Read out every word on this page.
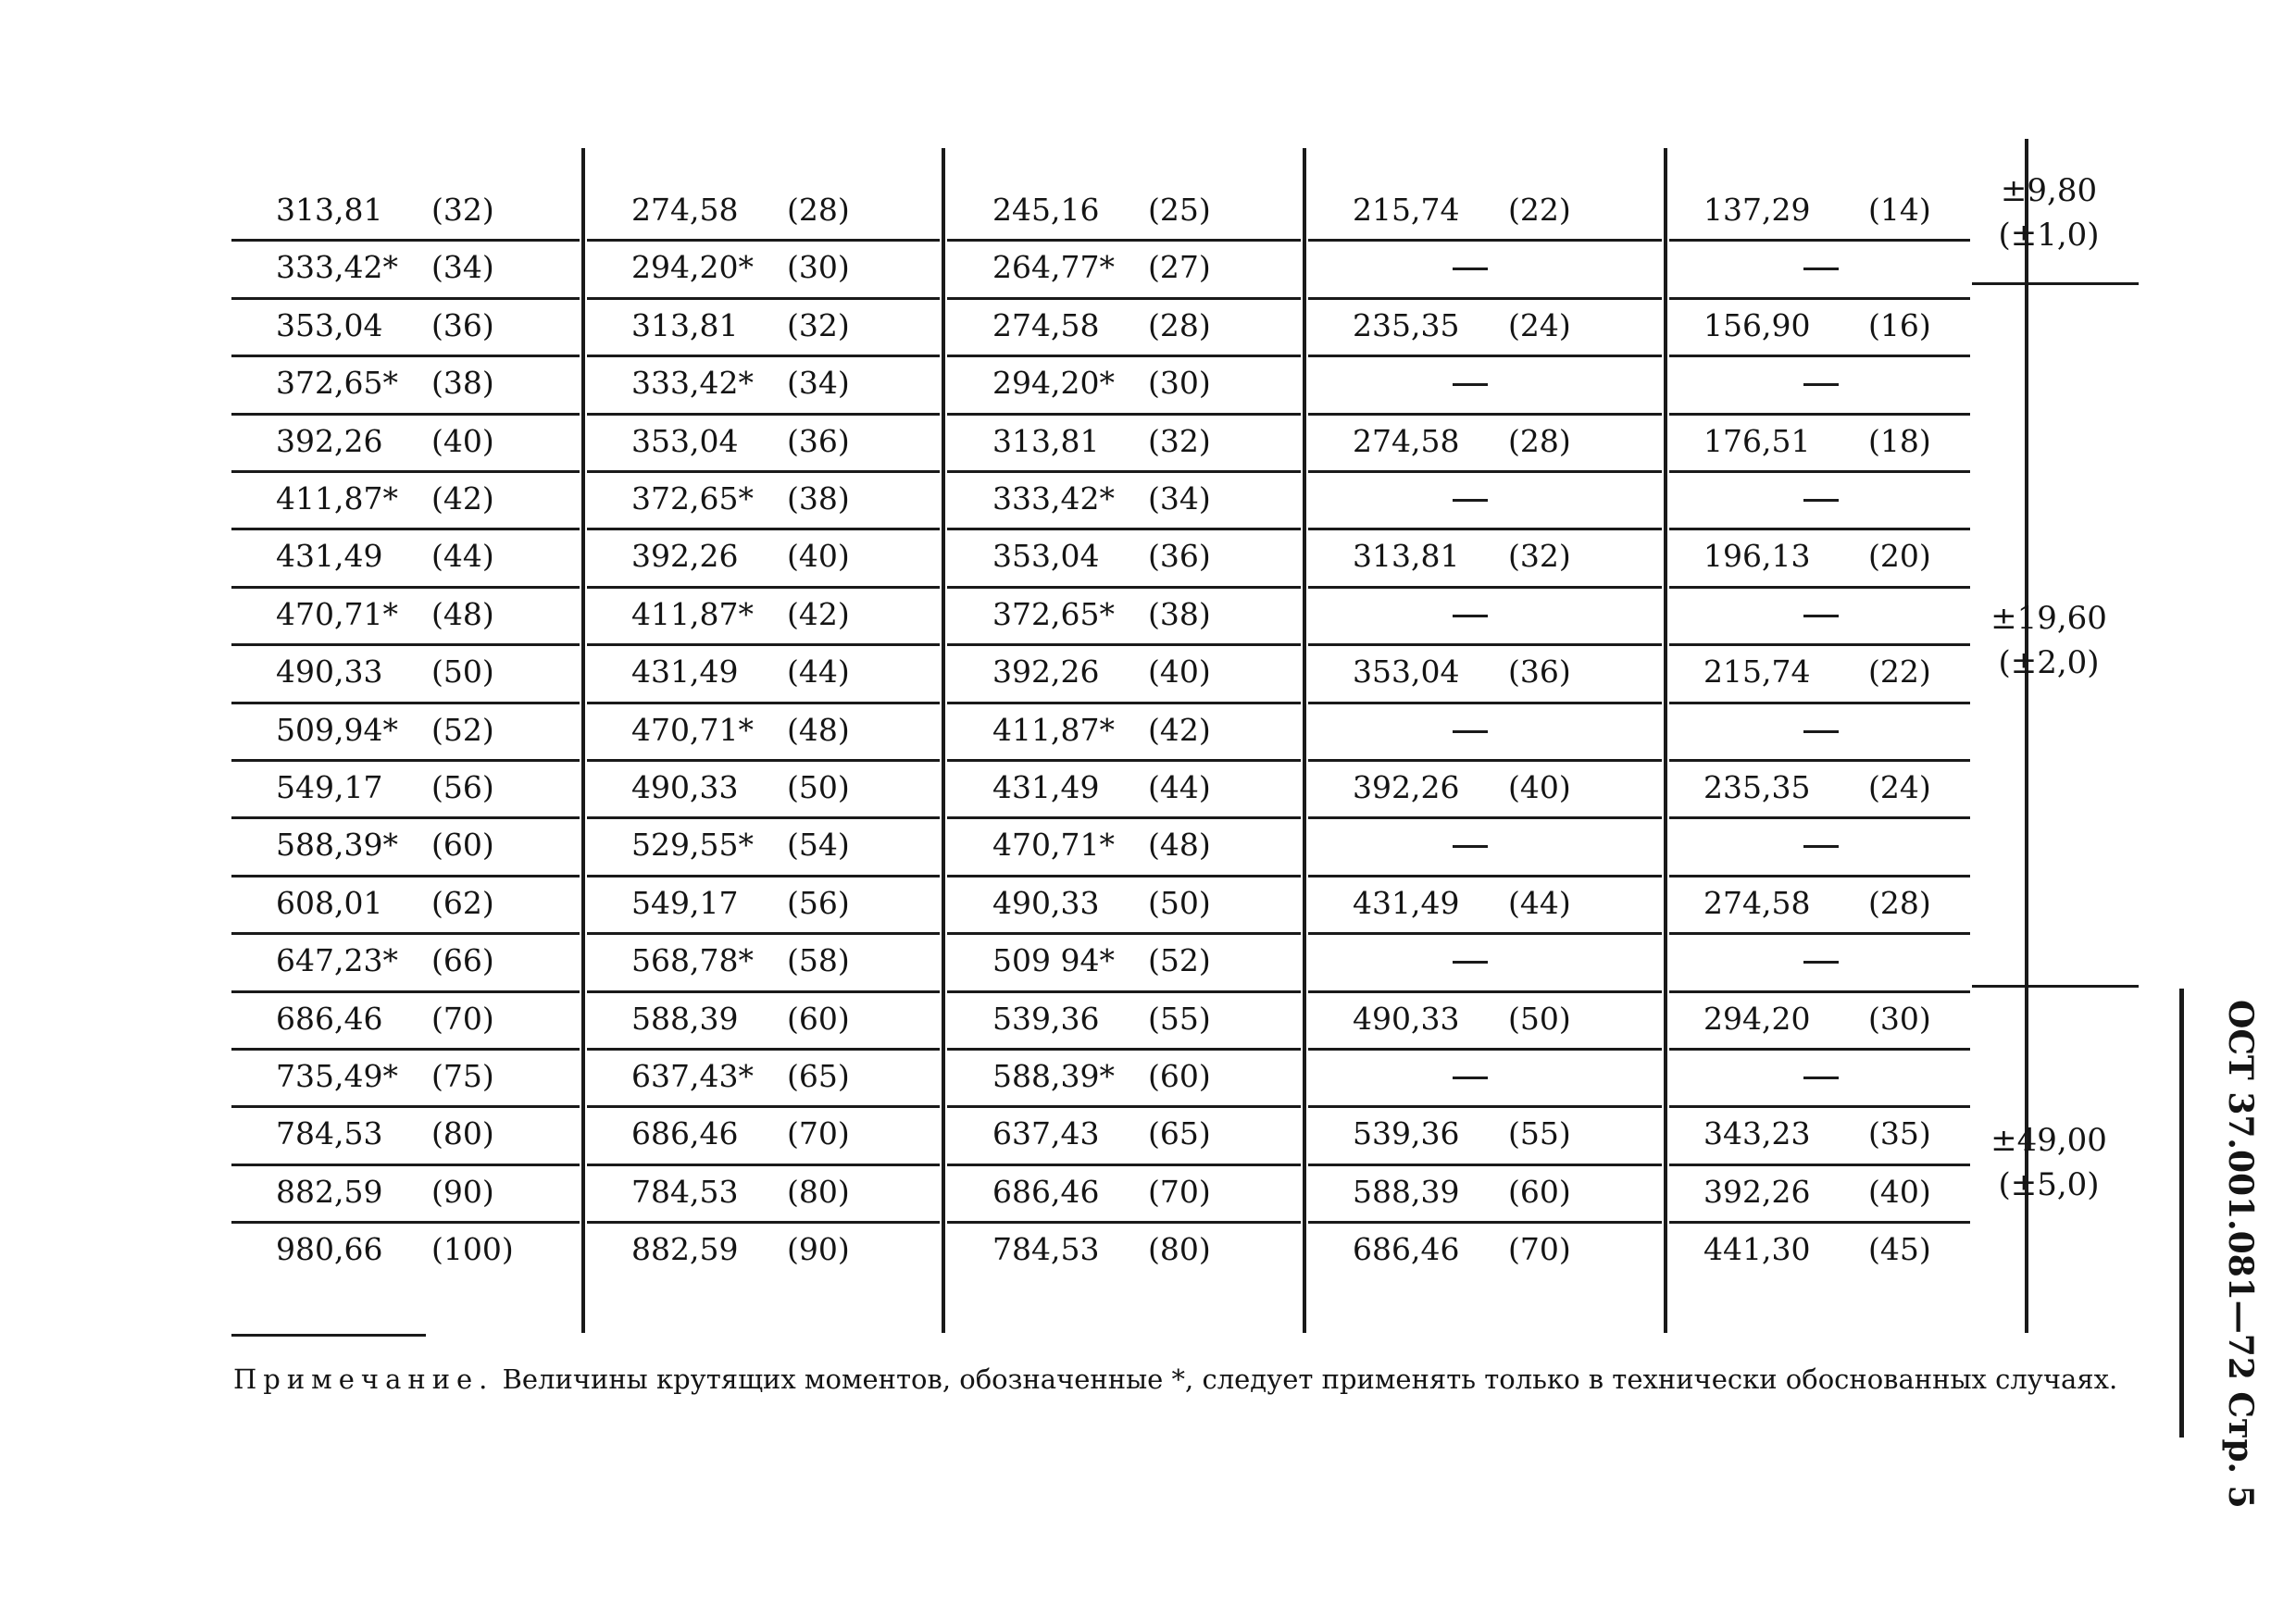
313,81 (32)
333,42* (34)
353,04 (36)
372,65* (38)
392,26 (40)
411,87* (42)
431,49 (44)
470,71* (48)
490,33 (50)
509,94* (52)
549,17 (56)
588,39* (60)
608,01 (62)
647,23* (66)
686,46 (70)
735,49* (75)
784,53 (80)
882,59 (90)
980,66 (100)
274,58 (28)
294,20* (30)
313,81 (32)
333,42* (34)
353,04 (36)
372,65* (38)
392,26 (40)
411,87* (42)
431,49 (44)
470,71* (48)
490,33 (50)
529,55* (54)
549,17 (56)
568,78* (58)
588,39 (60)
637,43* (65)
686,46 (70)
784,53 (80)
882,59 (90)
245,16 (25)
264,77* (27)
274,58 (28)
294,20* (30)
313,81 (32)
333,42* (34)
353,04 (36)
372,65* (38)
392,26 (40)
411,87* (42)
431,49 (44)
470,71* (48)
490,33 (50)
509 94* (52)
539,36 (55)
588,39* (60)
637,43 (65)
686,46 (70)
784,53 (80)
215,74 (22)
235,35 (24)
274,58 (28)
313,81 (32)
353,04 (36)
392,26 (40)
431,49 (44)
490,33 (50)
539,36 (55)
588,39 (60)
686,46 (70)
137,29 (14)
156,90 (16)
176,51 (18)
196,13 (20)
215,74 (22)
235,35 (24)
274,58 (28)
294,20 (30)
343,23 (35)
392,26 (40)
441,30 (45)
±9,80
(±1,0)
±19,60
(±2,0)
±49,00
(±5,0)
Примечание. Величины крутящих моментов, обозначенные *, следует применять только в технически обоснованных случаях.	ОСТ 37.001.081—72 Стр. 5
